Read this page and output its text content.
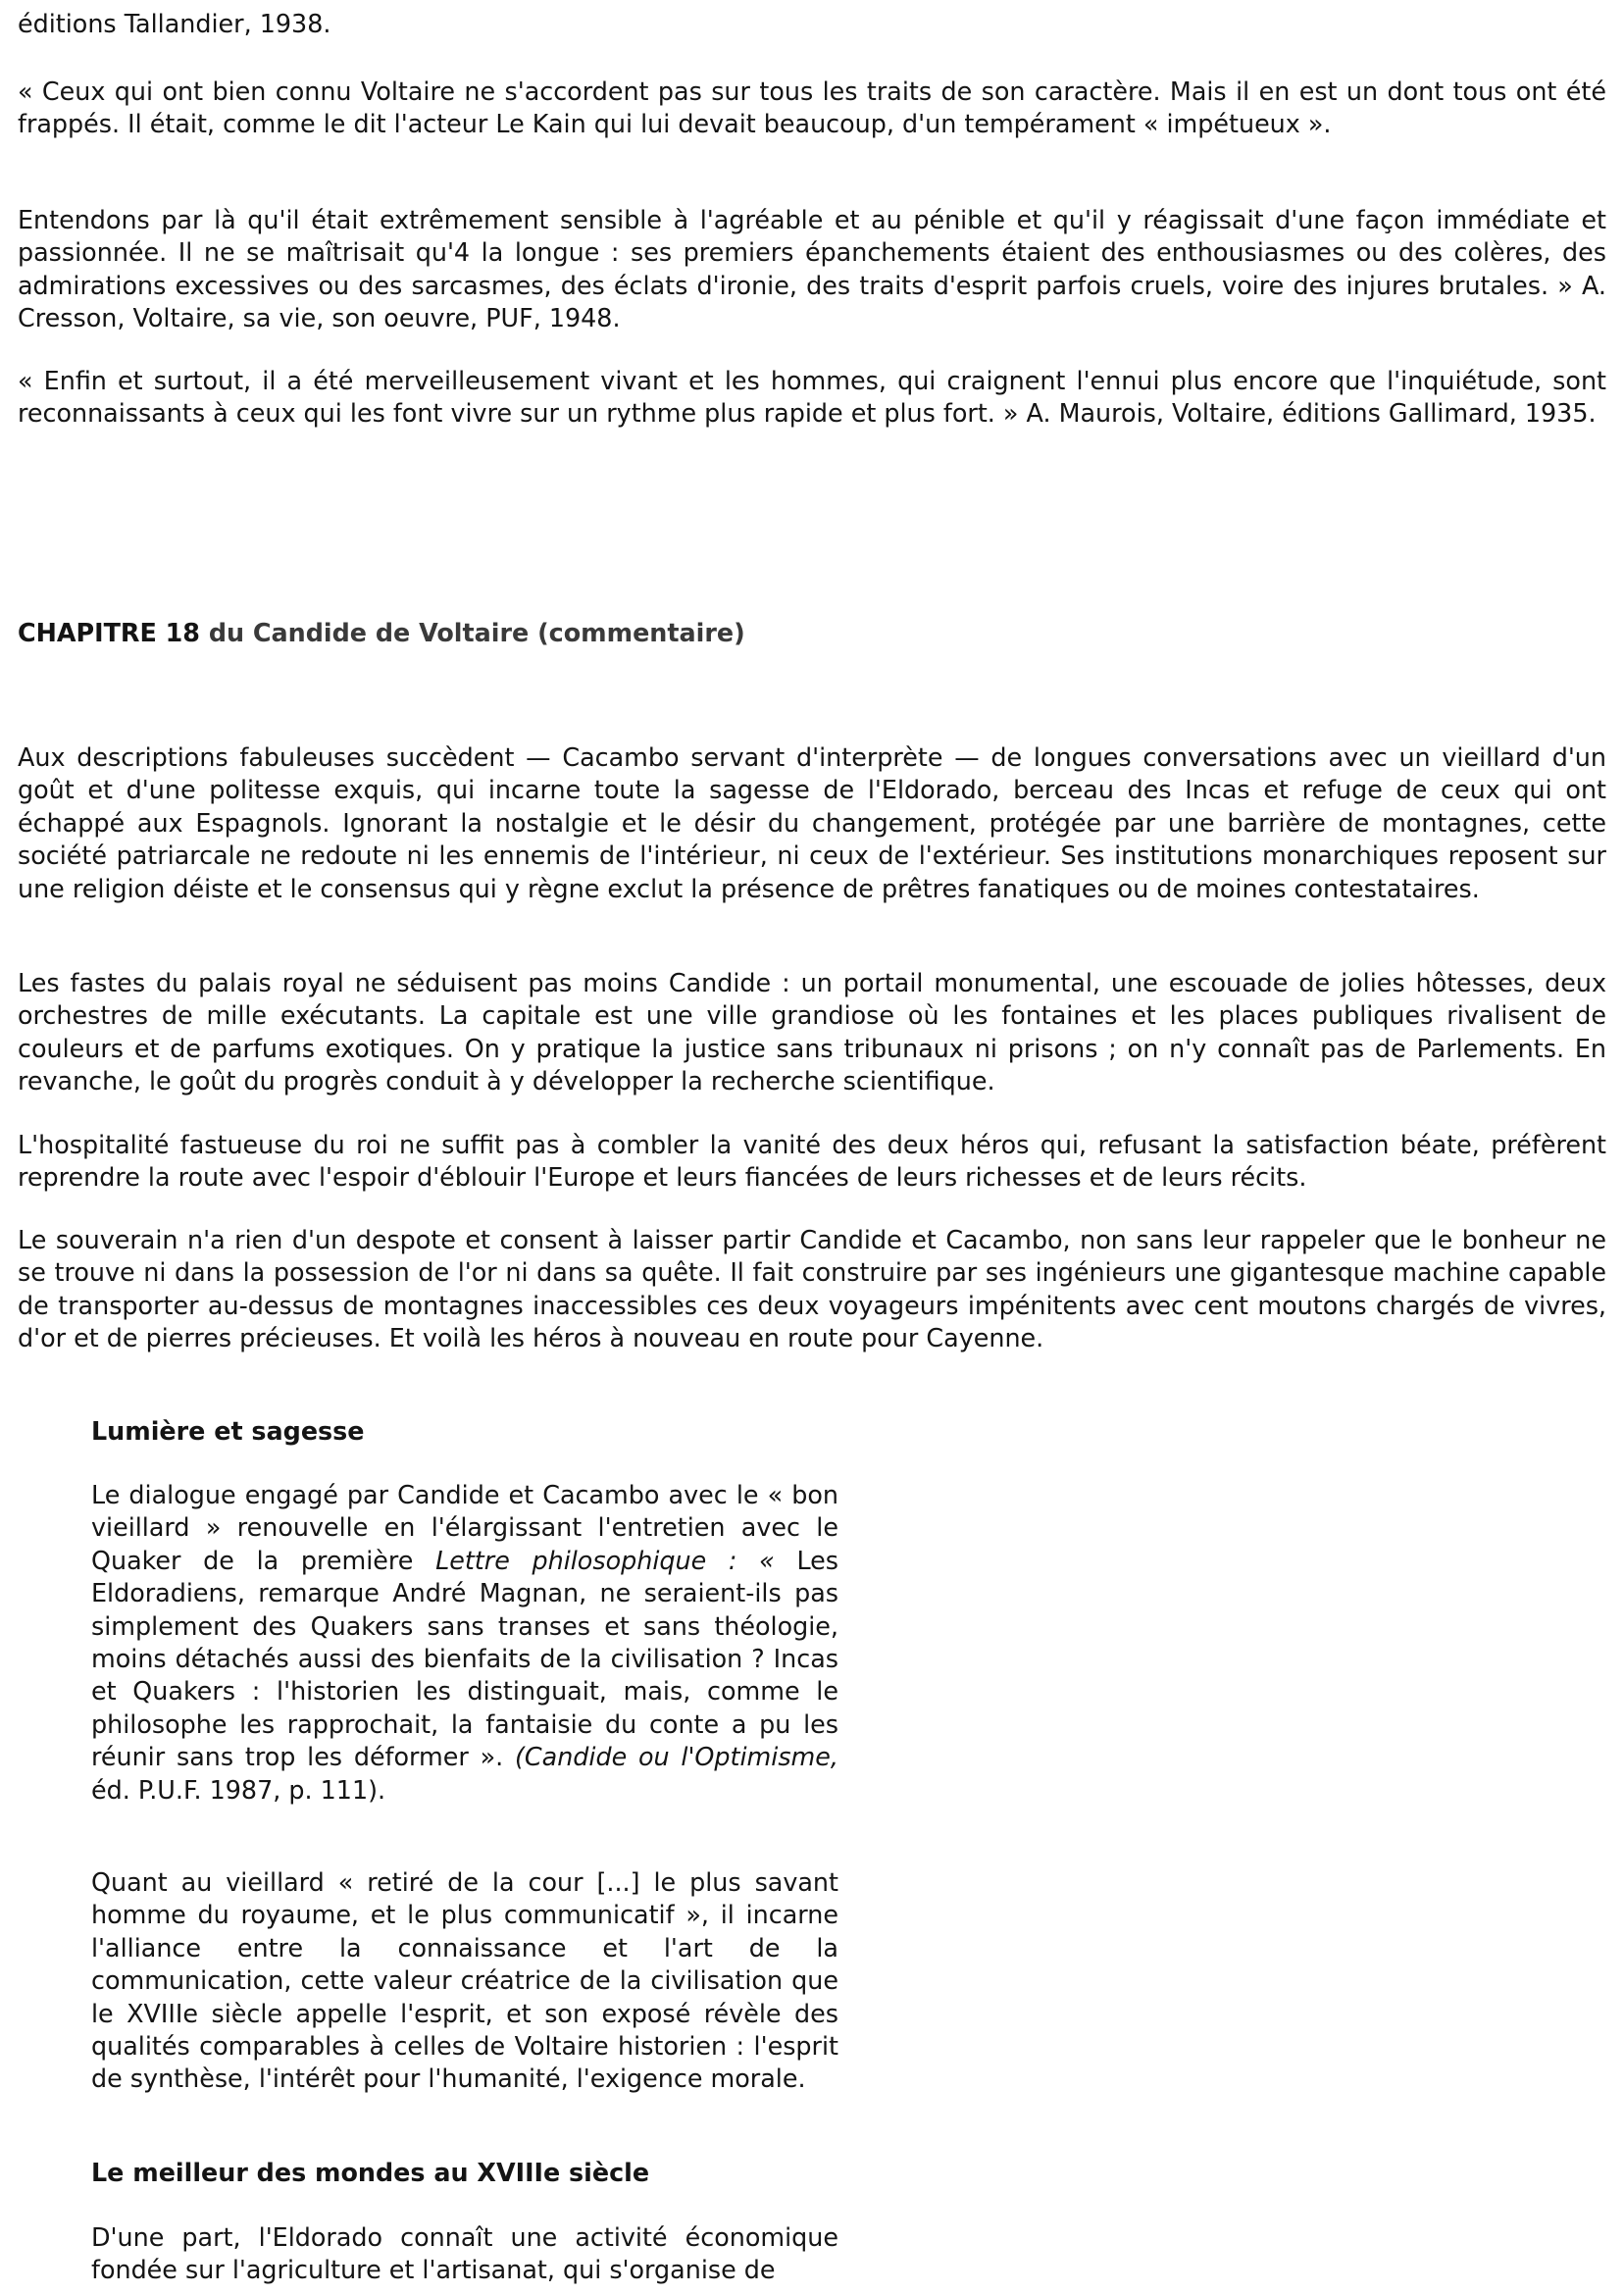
éditions Tallandier, 1938.

« Ceux qui ont bien connu Voltaire ne s'accordent pas sur tous les traits de son caractère. Mais il en est un dont tous ont été frappés. Il était, comme le dit l'acteur Le Kain qui lui devait beaucoup, d'un tempérament « impétueux ».

Entendons par là qu'il était extrêmement sensible à l'agréable et au pénible et qu'il y réagissait d'une façon immédiate et passionnée. Il ne se maîtrisait qu'4 la longue : ses premiers épanchements étaient des enthousiasmes ou des colères, des admirations excessives ou des sarcasmes, des éclats d'ironie, des traits d'esprit parfois cruels, voire des injures brutales. » A. Cresson, Voltaire, sa vie, son oeuvre, PUF, 1948.

« Enfin et surtout, il a été merveilleusement vivant et les hommes, qui craignent l'ennui plus encore que l'inquiétude, sont reconnaissants à ceux qui les font vivre sur un rythme plus rapide et plus fort. » A. Maurois, Voltaire, éditions Gallimard, 1935.

CHAPITRE 18 du Candide de Voltaire (commentaire)

Aux descriptions fabuleuses succèdent — Cacambo servant d'interprète — de longues conversations avec un vieillard d'un goût et d'une politesse exquis, qui incarne toute la sagesse de l'Eldorado, berceau des Incas et refuge de ceux qui ont échappé aux Espagnols. Ignorant la nostalgie et le désir du changement, protégée par une barrière de montagnes, cette société patriarcale ne redoute ni les ennemis de l'intérieur, ni ceux de l'extérieur. Ses institutions monarchiques reposent sur une religion déiste et le consensus qui y règne exclut la présence de prêtres fanatiques ou de moines contestataires.

Les fastes du palais royal ne séduisent pas moins Candide : un portail monumental, une escouade de jolies hôtesses, deux orchestres de mille exécutants. La capitale est une ville grandiose où les fontaines et les places publiques rivalisent de couleurs et de parfums exotiques. On y pratique la justice sans tribunaux ni prisons ; on n'y connaît pas de Parlements. En revanche, le goût du progrès conduit à y développer la recherche scientifique.

L'hospitalité fastueuse du roi ne suffit pas à combler la vanité des deux héros qui, refusant la satisfaction béate, préfèrent reprendre la route avec l'espoir d'éblouir l'Europe et leurs fiancées de leurs richesses et de leurs récits.

Le souverain n'a rien d'un despote et consent à laisser partir Candide et Cacambo, non sans leur rappeler que le bonheur ne se trouve ni dans la possession de l'or ni dans sa quête. Il fait construire par ses ingénieurs une gigantesque machine capable de transporter au-dessus de montagnes inaccessibles ces deux voyageurs impénitents avec cent moutons chargés de vivres, d'or et de pierres précieuses. Et voilà les héros à nouveau en route pour Cayenne.

Lumière et sagesse

Le dialogue engagé par Candide et Cacambo avec le « bon vieillard » renouvelle en l'élargissant l'entretien avec le Quaker de la première Lettre philosophique : « Les Eldoradiens, remarque André Magnan, ne seraient-ils pas simplement des Quakers sans transes et sans théologie, moins détachés aussi des bienfaits de la civilisation ? Incas et Quakers : l'historien les distinguait, mais, comme le philosophe les rapprochait, la fantaisie du conte a pu les réunir sans trop les déformer ». (Candide ou l'Optimisme, éd. P.U.F. 1987, p. 111).

Quant au vieillard « retiré de la cour [...] le plus savant homme du royaume, et le plus communicatif », il incarne l'alliance entre la connaissance et l'art de la communication, cette valeur créatrice de la civilisation que le XVIIIe siècle appelle l'esprit, et son exposé révèle des qualités comparables à celles de Voltaire historien : l'esprit de synthèse, l'intérêt pour l'humanité, l'exigence morale.

Le meilleur des mondes au XVIIIe siècle

D'une part, l'Eldorado connaît une activité économique fondée sur l'agriculture et l'artisanat, qui s'organise de
